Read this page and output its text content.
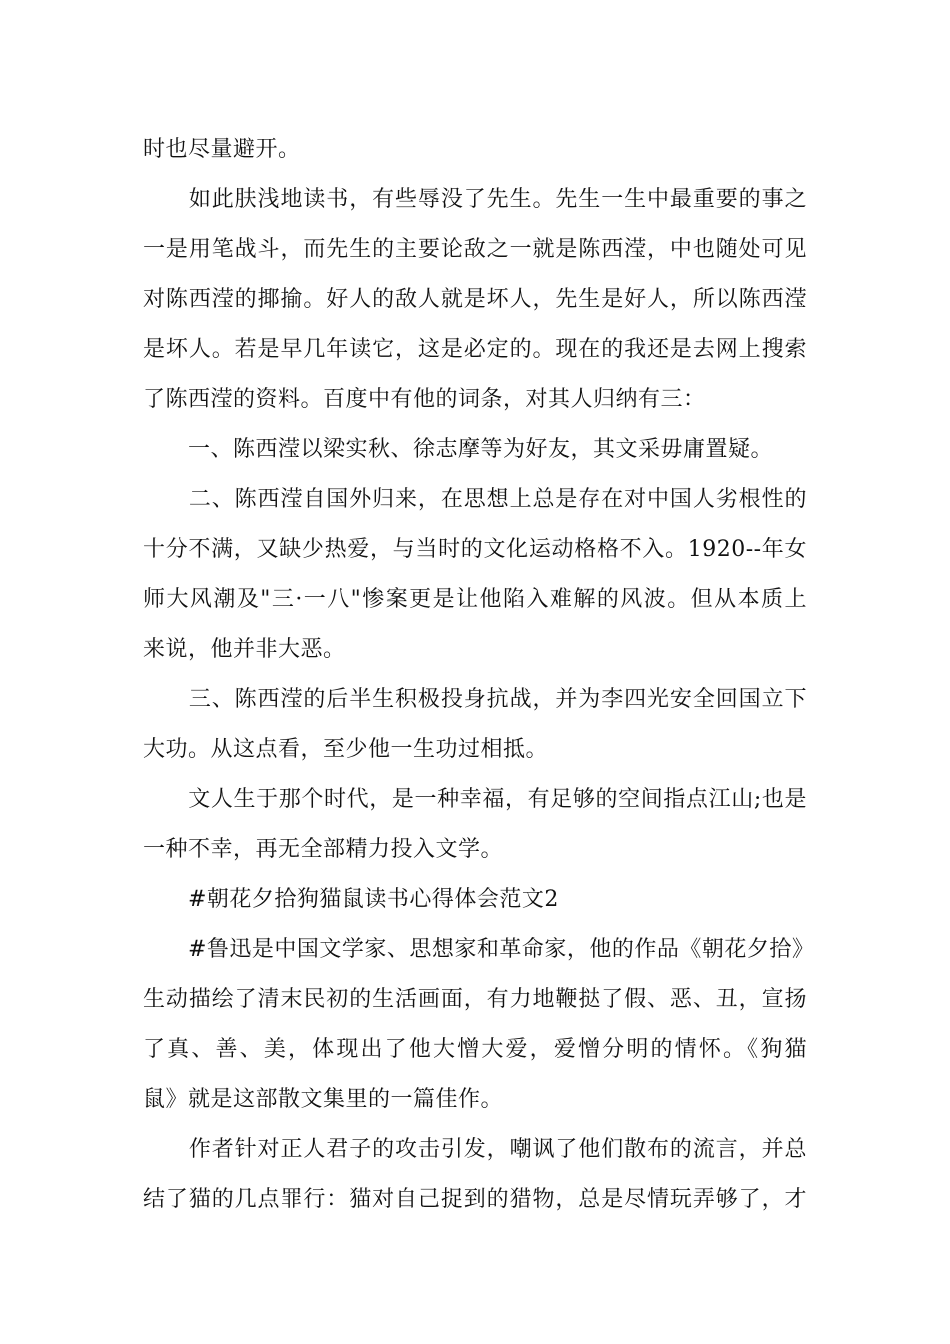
时也尽量避开。
　　如此肤浅地读书，有些辱没了先生。先生一生中最重要的事之
一是用笔战斗，而先生的主要论敌之一就是陈西滢，中也随处可见
对陈西滢的揶揄。好人的敌人就是坏人，先生是好人，所以陈西滢
是坏人。若是早几年读它，这是必定的。现在的我还是去网上搜索
了陈西滢的资料。百度中有他的词条，对其人归纳有三：
　　一、陈西滢以梁实秋、徐志摩等为好友，其文采毋庸置疑。
　　二、陈西滢自国外归来，在思想上总是存在对中国人劣根性的
十分不满，又缺少热爱，与当时的文化运动格格不入。1920--年女
师大风潮及"三·一八"惨案更是让他陷入难解的风波。但从本质上
来说，他并非大恶。
　　三、陈西滢的后半生积极投身抗战，并为李四光安全回国立下
大功。从这点看，至少他一生功过相抵。
　　文人生于那个时代，是一种幸福，有足够的空间指点江山;也是
一种不幸，再无全部精力投入文学。
　　#朝花夕拾狗猫鼠读书心得体会范文2
　　#鲁迅是中国文学家、思想家和革命家，他的作品《朝花夕拾》
生动描绘了清末民初的生活画面，有力地鞭挞了假、恶、丑，宣扬
了真、善、美，体现出了他大憎大爱，爱憎分明的情怀。《狗猫
鼠》就是这部散文集里的一篇佳作。
　　作者针对正人君子的攻击引发，嘲讽了他们散布的流言，并总
结了猫的几点罪行：猫对自己捉到的猎物，总是尽情玩弄够了，才
